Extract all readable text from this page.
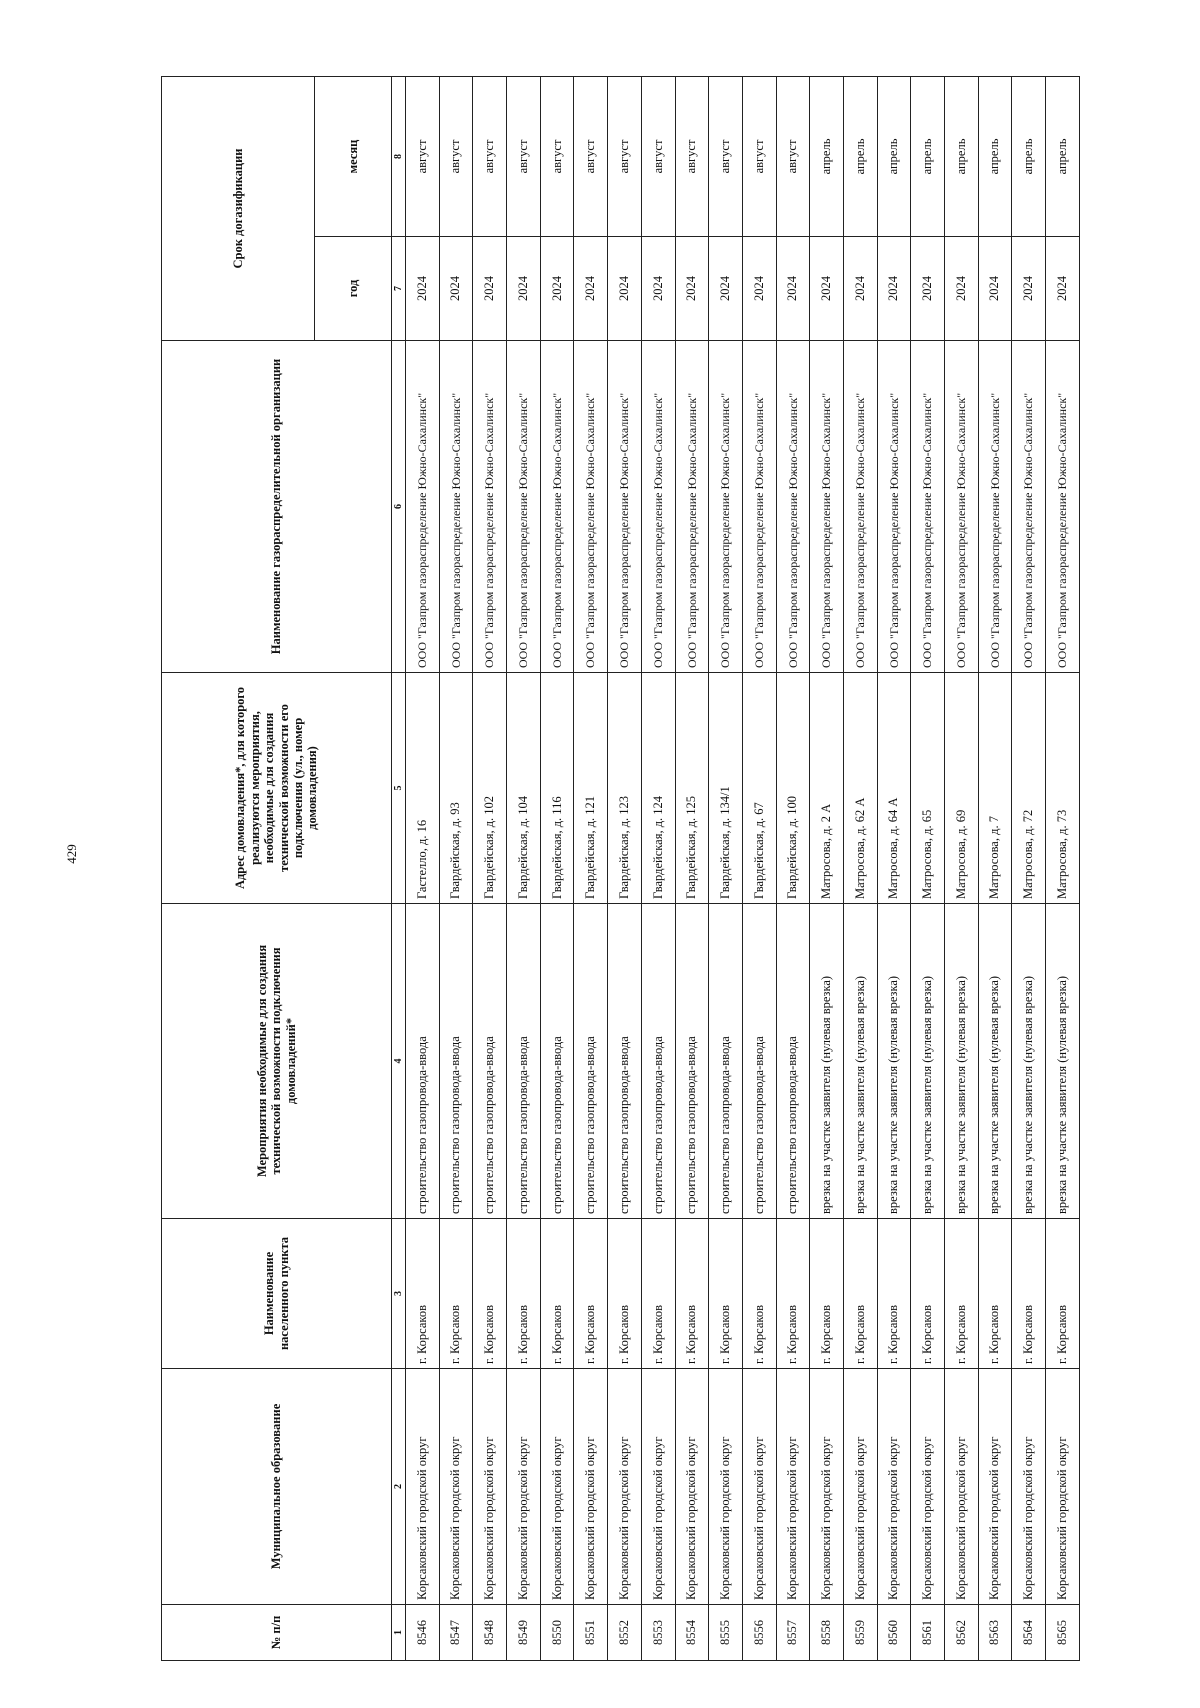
429
№ п/п	Муниципальное образование	Наименование населенного пункта	Мероприятия необходимые для создания технической возможности подключения домовладений*	Адрес домовладения*, для которого реализуются мероприятия, необходимые для создания технической возможности его подключения (ул., номер домовладения)	Наименование газораспределительной организации	Срок догазификации	
						год	месяц
1	2	3	4	5	6	7	8
8546	Корсаковский городской округ	г. Корсаков	строительство газопровода-ввода	Гастелло, д. 16	ООО "Газпром газораспределение Южно-Сахалинск"	2024	август
8547	Корсаковский городской округ	г. Корсаков	строительство газопровода-ввода	Гвардейская, д. 93	ООО "Газпром газораспределение Южно-Сахалинск"	2024	август
8548	Корсаковский городской округ	г. Корсаков	строительство газопровода-ввода	Гвардейская, д. 102	ООО "Газпром газораспределение Южно-Сахалинск"	2024	август
8549	Корсаковский городской округ	г. Корсаков	строительство газопровода-ввода	Гвардейская, д. 104	ООО "Газпром газораспределение Южно-Сахалинск"	2024	август
8550	Корсаковский городской округ	г. Корсаков	строительство газопровода-ввода	Гвардейская, д. 116	ООО "Газпром газораспределение Южно-Сахалинск"	2024	август
8551	Корсаковский городской округ	г. Корсаков	строительство газопровода-ввода	Гвардейская, д. 121	ООО "Газпром газораспределение Южно-Сахалинск"	2024	август
8552	Корсаковский городской округ	г. Корсаков	строительство газопровода-ввода	Гвардейская, д. 123	ООО "Газпром газораспределение Южно-Сахалинск"	2024	август
8553	Корсаковский городской округ	г. Корсаков	строительство газопровода-ввода	Гвардейская, д. 124	ООО "Газпром газораспределение Южно-Сахалинск"	2024	август
8554	Корсаковский городской округ	г. Корсаков	строительство газопровода-ввода	Гвардейская, д. 125	ООО "Газпром газораспределение Южно-Сахалинск"	2024	август
8555	Корсаковский городской округ	г. Корсаков	строительство газопровода-ввода	Гвардейская, д. 134/1	ООО "Газпром газораспределение Южно-Сахалинск"	2024	август
8556	Корсаковский городской округ	г. Корсаков	строительство газопровода-ввода	Гвардейская, д. 67	ООО "Газпром газораспределение Южно-Сахалинск"	2024	август
8557	Корсаковский городской округ	г. Корсаков	строительство газопровода-ввода	Гвардейская, д. 100	ООО "Газпром газораспределение Южно-Сахалинск"	2024	август
8558	Корсаковский городской округ	г. Корсаков	врезка на участке заявителя (нулевая врезка)	Матросова, д. 2 А	ООО "Газпром газораспределение Южно-Сахалинск"	2024	апрель
8559	Корсаковский городской округ	г. Корсаков	врезка на участке заявителя (нулевая врезка)	Матросова, д. 62 А	ООО "Газпром газораспределение Южно-Сахалинск"	2024	апрель
8560	Корсаковский городской округ	г. Корсаков	врезка на участке заявителя (нулевая врезка)	Матросова, д. 64 А	ООО "Газпром газораспределение Южно-Сахалинск"	2024	апрель
8561	Корсаковский городской округ	г. Корсаков	врезка на участке заявителя (нулевая врезка)	Матросова, д. 65	ООО "Газпром газораспределение Южно-Сахалинск"	2024	апрель
8562	Корсаковский городской округ	г. Корсаков	врезка на участке заявителя (нулевая врезка)	Матросова, д. 69	ООО "Газпром газораспределение Южно-Сахалинск"	2024	апрель
8563	Корсаковский городской округ	г. Корсаков	врезка на участке заявителя (нулевая врезка)	Матросова, д. 7	ООО "Газпром газораспределение Южно-Сахалинск"	2024	апрель
8564	Корсаковский городской округ	г. Корсаков	врезка на участке заявителя (нулевая врезка)	Матросова, д. 72	ООО "Газпром газораспределение Южно-Сахалинск"	2024	апрель
8565	Корсаковский городской округ	г. Корсаков	врезка на участке заявителя (нулевая врезка)	Матросова, д. 73	ООО "Газпром газораспределение Южно-Сахалинск"	2024	апрель
